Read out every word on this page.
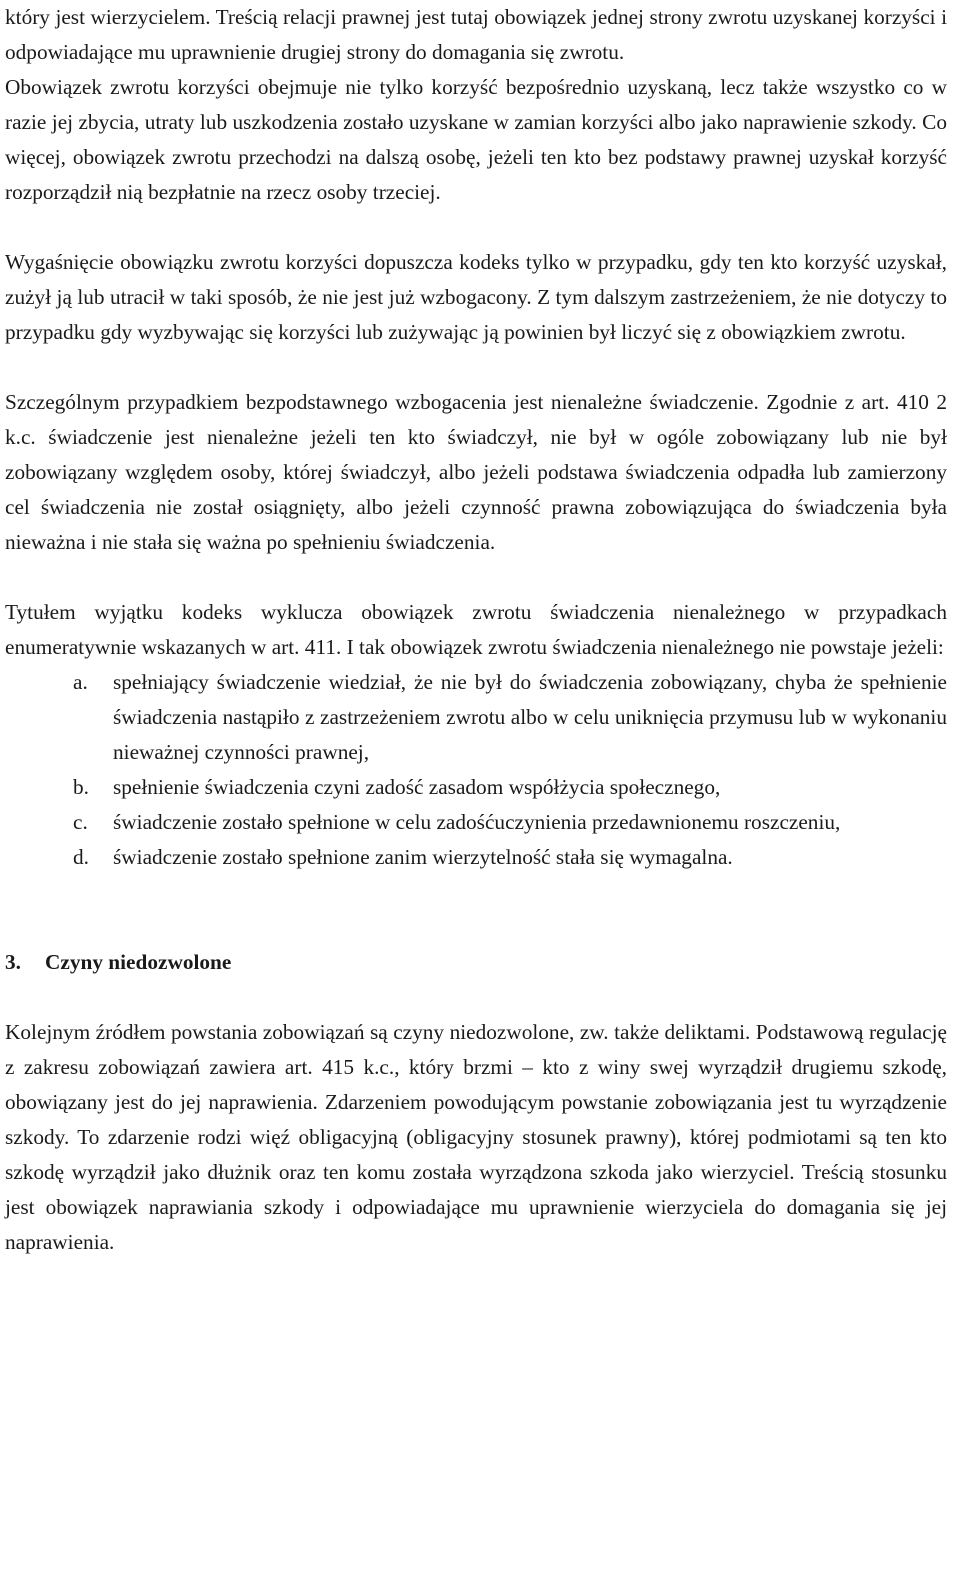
który jest wierzycielem. Treścią relacji prawnej jest tutaj obowiązek jednej strony zwrotu uzyskanej korzyści i odpowiadające mu uprawnienie drugiej strony do domagania się zwrotu.

Obowiązek zwrotu korzyści obejmuje nie tylko korzyść bezpośrednio uzyskaną, lecz także wszystko co w razie jej zbycia, utraty lub uszkodzenia zostało uzyskane w zamian korzyści albo jako naprawienie szkody. Co więcej, obowiązek zwrotu przechodzi na dalszą osobę, jeżeli ten kto bez podstawy prawnej uzyskał korzyść rozporządził nią bezpłatnie na rzecz osoby trzeciej.

Wygaśnięcie obowiązku zwrotu korzyści dopuszcza kodeks tylko w przypadku, gdy ten kto korzyść uzyskał, zużył ją lub utracił w taki sposób, że nie jest już wzbogacony. Z tym dalszym zastrzeżeniem, że nie dotyczy to przypadku gdy wyzbywając się korzyści lub zużywając ją powinien był liczyć się z obowiązkiem zwrotu.

Szczególnym przypadkiem bezpodstawnego wzbogacenia jest nienależne świadczenie. Zgodnie z art. 410 2 k.c. świadczenie jest nienależne jeżeli ten kto świadczył, nie był w ogóle zobowiązany lub nie był zobowiązany względem osoby, której świadczył, albo jeżeli podstawa świadczenia odpadła lub zamierzony cel świadczenia nie został osiągnięty, albo jeżeli czynność prawna zobowiązująca do świadczenia była nieważna i nie stała się ważna po spełnieniu świadczenia.

Tytułem wyjątku kodeks wyklucza obowiązek zwrotu świadczenia nienależnego w przypadkach enumeratywnie wskazanych w art. 411. I tak obowiązek zwrotu świadczenia nienależnego nie powstaje jeżeli:

a.	spełniający świadczenie wiedział, że nie był do świadczenia zobowiązany, chyba że spełnienie świadczenia nastąpiło z zastrzeżeniem zwrotu albo w celu uniknięcia przymusu lub w wykonaniu nieważnej czynności prawnej,
b.	spełnienie świadczenia czyni zadość zasadom współżycia społecznego,
c.	świadczenie zostało spełnione w celu zadośćuczynienia przedawnionemu roszczeniu,
d.	świadczenie zostało spełnione zanim wierzytelność stała się wymagalna.
3.	Czyny niedozwolone

Kolejnym źródłem powstania zobowiązań są czyny niedozwolone, zw. także deliktami. Podstawową regulację z zakresu zobowiązań zawiera art. 415 k.c., który brzmi – kto z winy swej wyrządził drugiemu szkodę, obowiązany jest do jej naprawienia. Zdarzeniem powodującym powstanie zobowiązania jest tu wyrządzenie szkody. To zdarzenie rodzi więź obligacyjną (obligacyjny stosunek prawny), której podmiotami są ten kto szkodę wyrządził jako dłużnik oraz ten komu została wyrządzona szkoda jako wierzyciel. Treścią stosunku jest obowiązek naprawiania szkody i odpowiadające mu uprawnienie wierzyciela do domagania się jej naprawienia.
